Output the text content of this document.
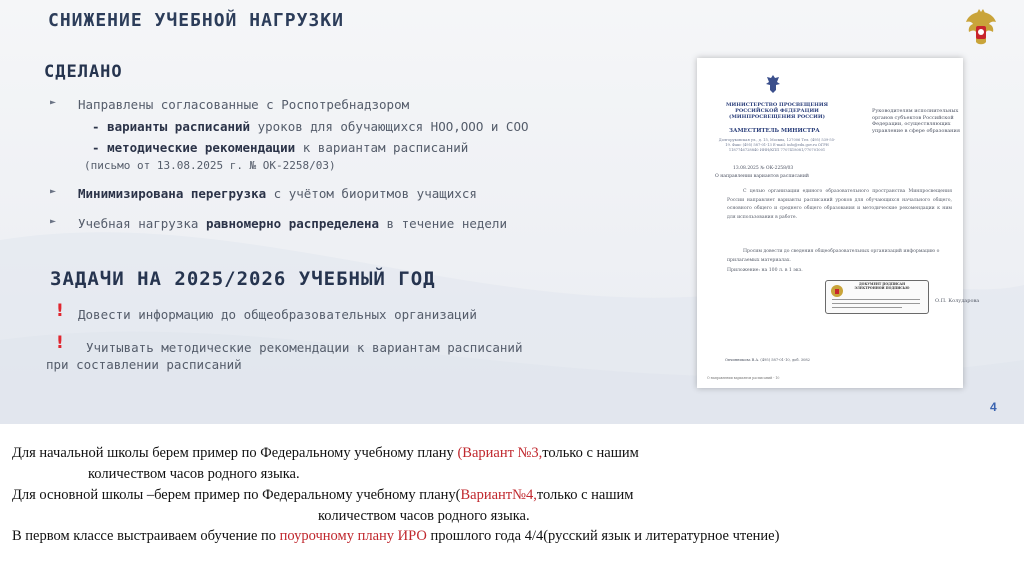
СНИЖЕНИЕ УЧЕБНОЙ НАГРУЗКИ
СДЕЛАНО
► Направлены согласованные с Роспотребнадзором
- варианты расписаний уроков для обучающихся НОО,ООО и СОО
- методические рекомендации к вариантам расписаний
(письмо от 13.08.2025 г. № ОК-2258/03)
► Минимизирована перегрузка с учётом биоритмов учащихся
► Учебная нагрузка равномерно распределена в течение недели
ЗАДАЧИ НА 2025/2026 УЧЕБНЫЙ ГОД
! Довести информацию до общеобразовательных организаций
! Учитывать методические рекомендации к вариантам расписаний
при составлении расписаний
МИНИСТЕРСТВО ПРОСВЕЩЕНИЯ РОССИЙСКОЙ ФЕДЕРАЦИИ (МИНПРОСВЕЩЕНИЯ РОССИИ)
ЗАМЕСТИТЕЛЬ МИНИСТРА
Долгоруковская ул., д. 15, Москва, 127006 Тел. (495) 539-55-19. Факс (495) 587-01-13 E-mail: info@edu.gov.ru ОГРН 1187746728840 ИНН/КПП 7707418081/770701001
Руководителям исполнительных органов субъектов Российской Федерации, осуществляющих управление в сфере образования
13.08.2025 № ОК-2258/03
О направлении вариантов расписаний
С целью организации единого образовательного пространства Минпросвещения России направляет варианты расписаний уроков для обучающихся начального общего, основного общего и среднего общего образования и методические рекомендации к ним для использования в работе.
Просим довести до сведения общеобразовательных организаций информацию о прилагаемых материалах.
Приложение: на 100 л. в 1 экз.
ДОКУМЕНТ ПОДПИСАН ЭЛЕКТРОННОЙ ПОДПИСЬЮ
О.П. Колударова
Овчинникова В.А. (495) 587-01-10, доб. 3082
О направлении вариантов расписаний - 10
4
Для начальной школы берем пример по Федеральному учебному плану (Вариант №3,только с нашим
количеством часов родного языка.
Для основной школы –берем пример по Федеральному учебному плану(Вариант№4,только с нашим
количеством часов родного языка.
В первом классе выстраиваем обучение по поурочному плану ИРО прошлого года 4/4(русский язык и литературное чтение)
